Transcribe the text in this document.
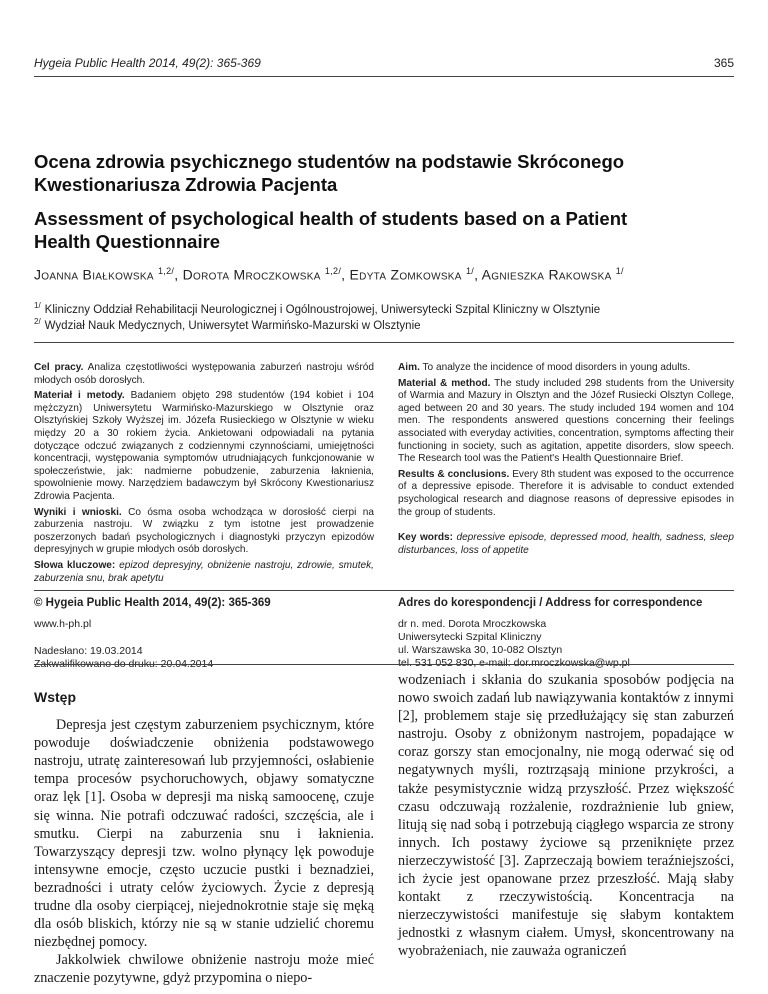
Hygeia Public Health 2014, 49(2): 365-369	365
Ocena zdrowia psychicznego studentów na podstawie Skróconego Kwestionariusza Zdrowia Pacjenta
Assessment of psychological health of students based on a Patient Health Questionnaire
Joanna Białkowska $^{1,2/}$, Dorota Mroczkowska $^{1,2/}$, Edyta Zomkowska $^{1/}$, Agnieszka Rakowska $^{1/}$
$^{1/}$ Kliniczny Oddział Rehabilitacji Neurologicznej i Ogólnoustrojowej, Uniwersytecki Szpital Kliniczny w Olsztynie
$^{2/}$ Wydział Nauk Medycznych, Uniwersytet Warmińsko-Mazurski w Olsztynie

Cel pracy. Analiza częstotliwości występowania zaburzeń nastroju wśród młodych osób dorosłych.

Materiał i metody. Badaniem objęto 298 studentów (194 kobiet i 104 mężczyzn) Uniwersytetu Warmińsko-Mazurskiego w Olsztynie oraz Olsztyńskiej Szkoły Wyższej im. Józefa Rusieckiego w Olsztynie w wieku między 20 a 30 rokiem życia. Ankietowani odpowiadali na pytania dotyczące odczuć związanych z codziennymi czynnościami, umiejętności koncentracji, występowania symptomów utrudniających funkcjonowanie w społeczeństwie, jak: nadmierne pobudzenie, zaburzenia łaknienia, spowolnienie mowy. Narzędziem badawczym był Skrócony Kwestionariusz Zdrowia Pacjenta.

Wyniki i wnioski. Co ósma osoba wchodząca w dorosłość cierpi na zaburzenia nastroju. W związku z tym istotne jest prowadzenie poszerzonych badań psychologicznych i diagnostyki przyczyn epizodów depresyjnych w grupie młodych osób dorosłych.

Słowa kluczowe: epizod depresyjny, obniżenie nastroju, zdrowie, smutek, zaburzenia snu, brak apetytu

Aim. To analyze the incidence of mood disorders in young adults.

Material & method. The study included 298 students from the University of Warmia and Mazury in Olsztyn and the Józef Rusiecki Olsztyn College, aged between 20 and 30 years. The study included 194 women and 104 men. The respondents answered questions concerning their feelings associated with everyday activities, concentration, symptoms affecting their functioning in society, such as agitation, appetite disorders, slow speech. The Research tool was the Patient's Health Questionnaire Brief.

Results & conclusions. Every 8th student was exposed to the occurrence of a depressive episode. Therefore it is advisable to conduct extended psychological research and diagnose reasons of depressive episodes in the group of students.

Key words: depressive episode, depressed mood, health, sadness, sleep disturbances, loss of appetite
© Hygeia Public Health 2014, 49(2): 365-369
www.h-ph.pl
Nadesłano: 19.03.2014
Zakwalifikowano do druku: 20.04.2014
Adres do korespondencji / Address for correspondence
dr n. med. Dorota Mroczkowska
Uniwersytecki Szpital Kliniczny
ul. Warszawska 30, 10-082 Olsztyn
tel. 531 052 830, e-mail: dor.mroczkowska@wp.pl
Wstęp

Depresja jest częstym zaburzeniem psychicznym, które powoduje doświadczenie obniżenia podstawowego nastroju, utratę zainteresowań lub przyjemności, osłabienie tempa procesów psychoruchowych, objawy somatyczne oraz lęk [1]. Osoba w depresji ma niską samoocenę, czuje się winna. Nie potrafi odczuwać radości, szczęścia, ale i smutku. Cierpi na zaburzenia snu i łaknienia. Towarzyszący depresji tzw. wolno płynący lęk powoduje intensywne emocje, często uczucie pustki i beznadziei, bezradności i utraty celów życiowych. Życie z depresją trudne dla osoby cierpiącej, niejednokrotnie staje się męką dla osób bliskich, którzy nie są w stanie udzielić choremu niezbędnej pomocy.

Jakkolwiek chwilowe obniżenie nastroju może mieć znaczenie pozytywne, gdyż przypomina o niepo-

wodzeniach i skłania do szukania sposobów podjęcia na nowo swoich zadań lub nawiązywania kontaktów z innymi [2], problemem staje się przedłużający się stan zaburzeń nastroju. Osoby z obniżonym nastrojem, popadające w coraz gorszy stan emocjonalny, nie mogą oderwać się od negatywnych myśli, roztrząsają minione przykrości, a także pesymistycznie widzą przyszłość. Przez większość czasu odczuwają rozżalenie, rozdrażnienie lub gniew, litują się nad sobą i potrzebują ciągłego wsparcia ze strony innych. Ich postawy życiowe są przeniknięte przez nierzeczywistość [3]. Zaprzeczają bowiem teraźniejszości, ich życie jest opanowane przez przeszłość. Mają słaby kontakt z rzeczywistością. Koncentracja na nierzeczywistości manifestuje się słabym kontaktem jednostki z własnym ciałem. Umysł, skoncentrowany na wyobrażeniach, nie zauważa ograniczeń
